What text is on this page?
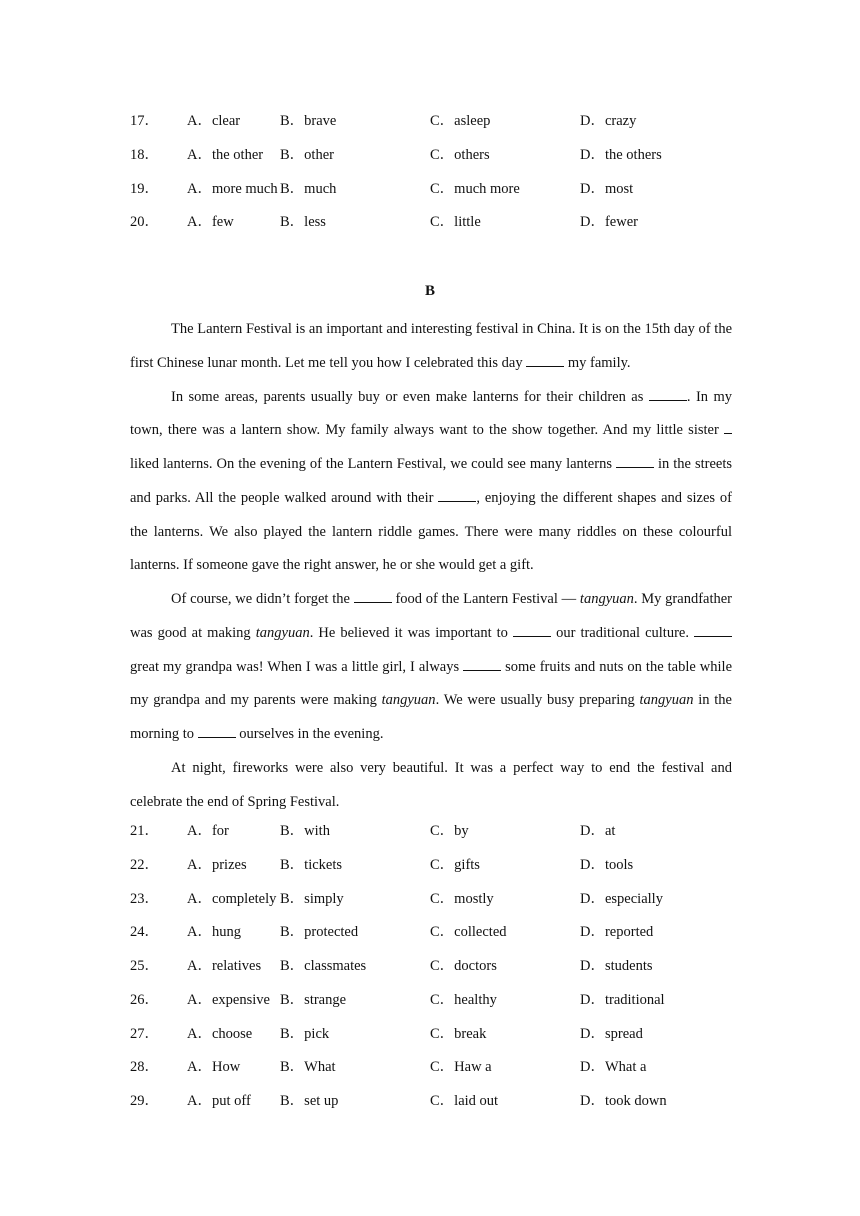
17． A．clear	B．brave	C．asleep	D．crazy
18． A．the other B．other	C．others	D．the others
19． A．more much B．much	C．much more	D．most
20． A．few	B．less	C．little	D．fewer
B

The Lantern Festival is an important and interesting festival in China. It is on the 15th day of the first Chinese lunar month. Let me tell you how I celebrated this day	my family.

In some areas, parents usually buy or even make lanterns for their children as	. In my town, there was a lantern show. My family always want to the show together. And my little sister  liked lanterns. On the evening of the Lantern Festival, we could see many lanterns	in the streets and parks. All the people walked around with their	, enjoying the different shapes and sizes of the lanterns. We also played the lantern riddle games. There were many riddles on these colourful lanterns. If someone gave the right answer, he or she would get a gift.

Of course, we didn’t forget the	food of the Lantern Festival — tangyuan. My grandfather was good at making tangyuan. He believed it was important to	our traditional culture.  great my grandpa was! When I was a little girl, I always	some fruits and nuts on the table while my grandpa and my parents were making tangyuan. We were usually busy preparing tangyuan in the morning to	ourselves in the evening.

At night, fireworks were also very beautiful. It was a perfect way to end the festival and celebrate the end of Spring Festival.

21． A．for	B．with	C．by	D．at
22． A．prizes B．tickets	C．gifts	D．tools
23． A．completely B．simply	C．mostly	D．especially
24． A．hung	B．protected	C．collected	D．reported
25． A．relatives B．classmates	C．doctors	D．students
26． A．expensive B．strange	C．healthy	D．traditional
27． A．choose B．pick	C．break	D．spread
28． A．How	B．What	C．Haw a	D．What a
29． A．put off B．set up	C．laid out	D．took down
